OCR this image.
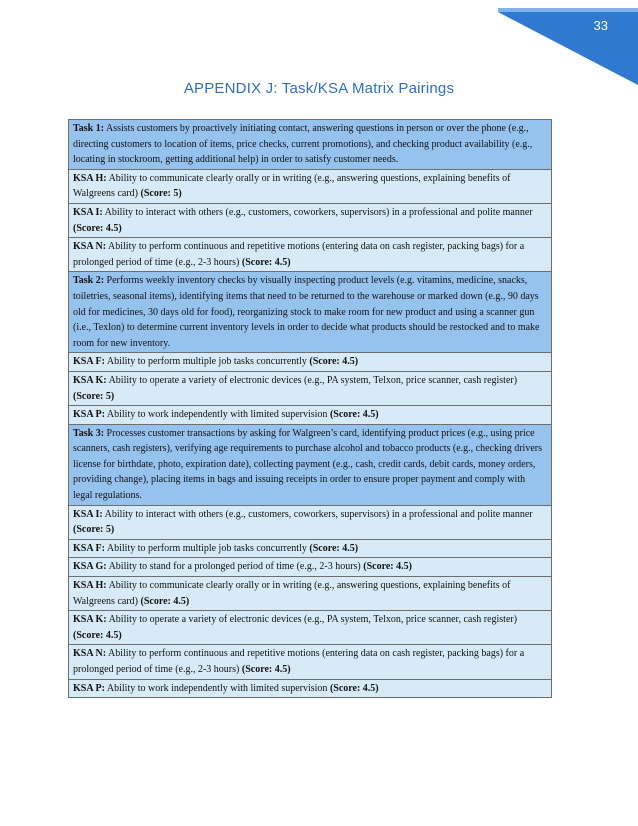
33
APPENDIX J: Task/KSA Matrix Pairings
Task 1: Assists customers by proactively initiating contact, answering questions in person or over the phone (e.g., directing customers to location of items, price checks, current promotions), and checking product availability (e.g., locating in stockroom, getting additional help) in order to satisfy customer needs.
KSA H: Ability to communicate clearly orally or in writing (e.g., answering questions, explaining benefits of Walgreens card) (Score: 5)
KSA I: Ability to interact with others (e.g., customers, coworkers, supervisors) in a professional and polite manner (Score: 4.5)
KSA N: Ability to perform continuous and repetitive motions (entering data on cash register, packing bags) for a prolonged period of time (e.g., 2-3 hours) (Score: 4.5)
Task 2: Performs weekly inventory checks by visually inspecting product levels (e.g. vitamins, medicine, snacks, toiletries, seasonal items), identifying items that need to be returned to the warehouse or marked down (e.g., 90 days old for medicines, 30 days old for food), reorganizing stock to make room for new product and using a scanner gun (i.e., Texlon) to determine current inventory levels in order to decide what products should be restocked and to make room for new inventory.
KSA F: Ability to perform multiple job tasks concurrently (Score: 4.5)
KSA K: Ability to operate a variety of electronic devices (e.g., PA system, Telxon, price scanner, cash register) (Score: 5)
KSA P: Ability to work independently with limited supervision (Score: 4.5)
Task 3: Processes customer transactions by asking for Walgreen’s card, identifying product prices (e.g., using price scanners, cash registers), verifying age requirements to purchase alcohol and tobacco products (e.g., checking drivers license for birthdate, photo, expiration date), collecting payment (e.g., cash, credit cards, debit cards, money orders, providing change), placing items in bags and issuing receipts in order to ensure proper payment and comply with legal regulations.
KSA I: Ability to interact with others (e.g., customers, coworkers, supervisors) in a professional and polite manner (Score: 5)
KSA F: Ability to perform multiple job tasks concurrently (Score: 4.5)
KSA G: Ability to stand for a prolonged period of time (e.g., 2-3 hours) (Score: 4.5)
KSA H: Ability to communicate clearly orally or in writing (e.g., answering questions, explaining benefits of Walgreens card) (Score: 4.5)
KSA K: Ability to operate a variety of electronic devices (e.g., PA system, Telxon, price scanner, cash register) (Score: 4.5)
KSA N: Ability to perform continuous and repetitive motions (entering data on cash register, packing bags) for a prolonged period of time (e.g., 2-3 hours) (Score: 4.5)
KSA P: Ability to work independently with limited supervision (Score: 4.5)
